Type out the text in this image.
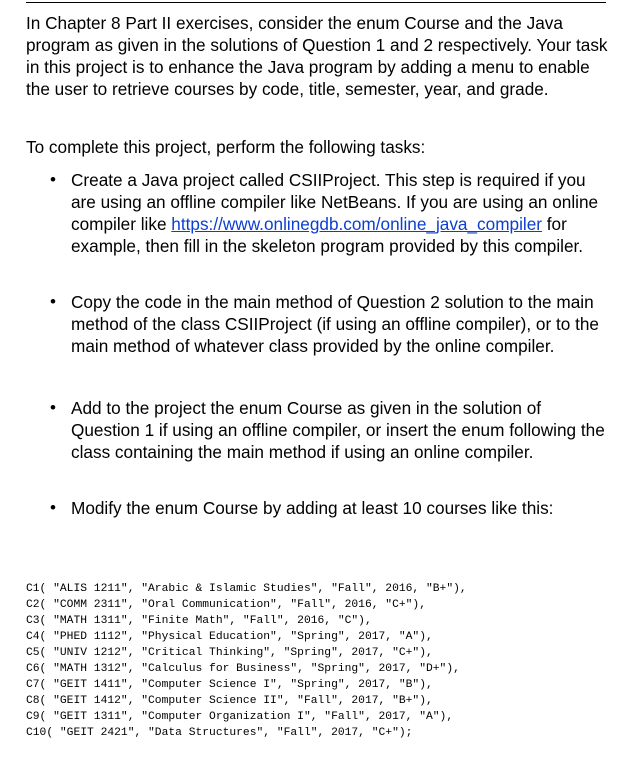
In Chapter 8 Part II exercises, consider the enum Course and the Java program as given in the solutions of Question 1 and 2 respectively. Your task in this project is to enhance the Java program by adding a menu to enable the user to retrieve courses by code, title, semester, year, and grade.

To complete this project, perform the following tasks:

• Create a Java project called CSIIProject. This step is required if you are using an offline compiler like NetBeans. If you are using an online compiler like https://www.onlinegdb.com/online_java_compiler for example, then fill in the skeleton program provided by this compiler.
• Copy the code in the main method of Question 2 solution to the main method of the class CSIIProject (if using an offline compiler), or to the main method of whatever class provided by the online compiler.
• Add to the project the enum Course as given in the solution of Question 1 if using an offline compiler, or insert the enum following the class containing the main method if using an online compiler.
• Modify the enum Course by adding at least 10 courses like this:
C1( "ALIS 1211", "Arabic & Islamic Studies", "Fall", 2016, "B+"),
C2( "COMM 2311", "Oral Communication", "Fall", 2016, "C+"),
C3( "MATH 1311", "Finite Math", "Fall", 2016, "C"),
C4( "PHED 1112", "Physical Education", "Spring", 2017, "A"),
C5( "UNIV 1212", "Critical Thinking", "Spring", 2017, "C+"),
C6( "MATH 1312", "Calculus for Business", "Spring", 2017, "D+"),
C7( "GEIT 1411", "Computer Science I", "Spring", 2017, "B"),
C8( "GEIT 1412", "Computer Science II", "Fall", 2017, "B+"),
C9( "GEIT 1311", "Computer Organization I", "Fall", 2017, "A"),
C10( "GEIT 2421", "Data Structures", "Fall", 2017, "C+");
